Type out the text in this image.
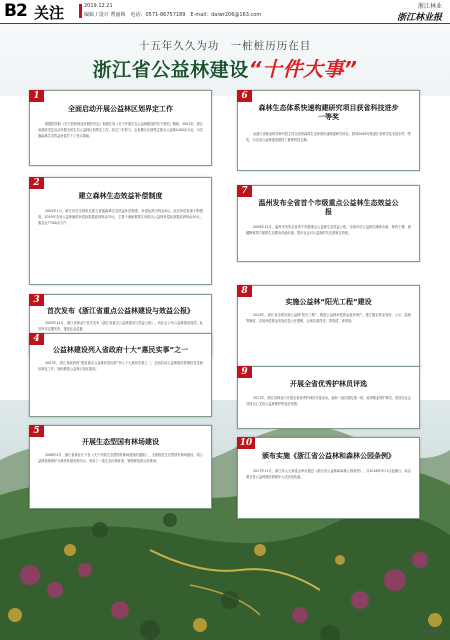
B2 关注	2019.12.21
编辑 / 设计 曹丽梅　电话：0571-86757189　E-mail：daiwr206@163.com
浙江林业
浙江林业报
十五年久久为功　一桩桩历历在目
浙江省公益林建设“十件大事”
徐晓晓 摄
1
全面启动开展公益林区划界定工作
根据国务院《关于加快林业发展的决定》和浙江省《关于开展生态公益林建设的若干意见》精神，2001年，浙江省政府决定启动开展全省生态公益林区划界定工作。经过三年努力，全省累计区划界定重点公益林2400余万亩，为实施森林生态效益补偿打下了坚实基础。
2
建立森林生态效益补偿制度
2004年1月，浙江省在全国率先建立省级森林生态效益补偿制度，补偿标准为每亩8元。此后补偿标准不断提高，2019年全省公益林最低补偿标准提高到每亩33元，主要干流和重要江河源头公益林补偿标准提高到每亩40元，惠及农户300余万户。
3
首次发布《浙江省重点公益林建设与效益公报》
2005年12月，浙江省林业厅首次发布《浙江省重点公益林建设与效益公报》，向社会公布公益林建设成效。此后每年定期发布，接受社会监督。
4
公益林建设列入省政府十大“惠民实事”之一
2007年，浙江省政府将“提高重点公益林补偿标准”列入十大惠民实事之一，全面启动公益林建设管理信息化和标准化工作，加快推进公益林示范区建设。
5
开展生态型国有林场建设
2008年4月，浙江省林业厅下发《关于开展生态型国有林场建设的通知》，全面推进生态型国有林场建设，将公益林资源保护与林场发展有机结合，形成了一批生态环境优美、管理规范的示范林场。
6
森林生态体系快速构建研究项目获省科技进步一等奖
由浙江省林业科学研究院主持完成的森林生态体系快速构建研究项目，获得2008年度浙江省科学技术进步奖一等奖，为全省公益林建设提供了重要科技支撑。
7
温州发布全省首个市级重点公益林生态效益公报
2009年12月，温州市发布全省首个市级重点公益林生态效益公报，全面评估公益林在涵养水源、保育土壤、固碳释氧等方面的生态服务功能价值，提升社会对公益林的关注度和支持度。
8
实施公益林“阳光工程”建设
2014年，浙江省全面实施公益林“阳光工程”，推进公益林补偿资金直补到户，建立健全资金发放、公示、监督等制度，实现补偿资金发放信息公开透明，让林农看得见、算得清、拿得到。
9
开展全省优秀护林员评选
2017年，浙江省林业厅开展全省优秀护林员评选活动，表彰一批长期扎根一线、爱岗敬业的护林员，营造全社会共同关心支持公益林保护的良好氛围。
10
颁布实施《浙江省公益林和森林公园条例》
2017年11月，浙江省人大常委会审议通过《浙江省公益林和森林公园条例》，自2018年3月1日起施行，标志着全省公益林建设管理步入法治化轨道。
